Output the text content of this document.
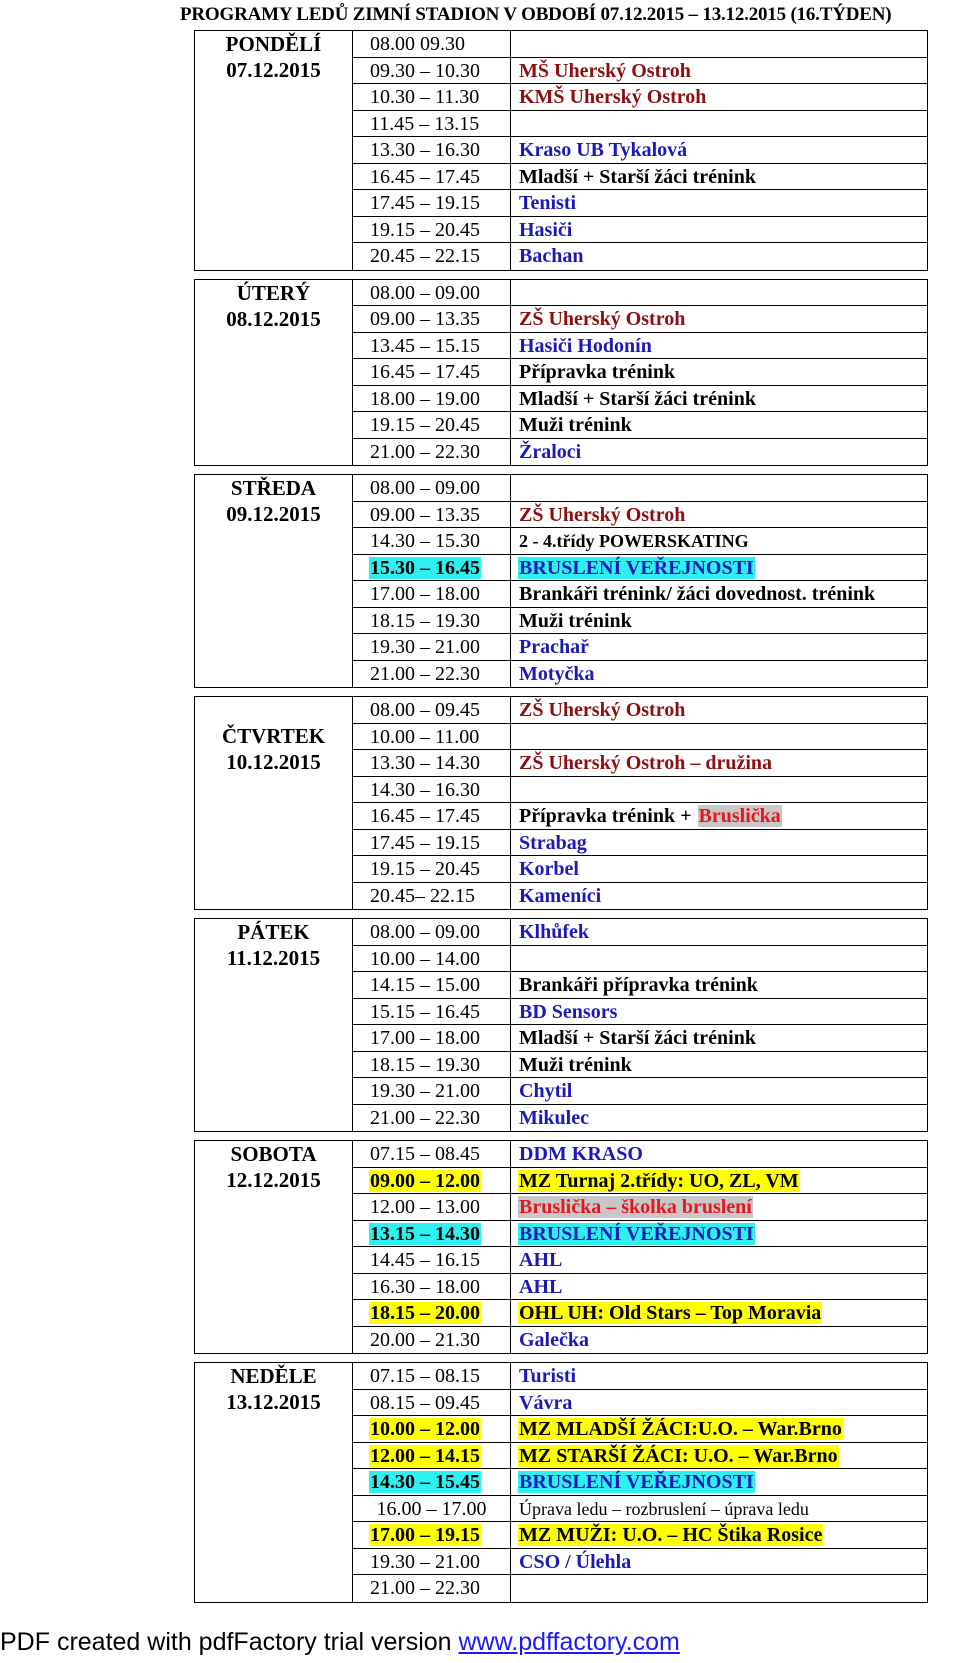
PROGRAMY LEDŮ ZIMNÍ STADION V OBDOBÍ 07.12.2015 – 13.12.2015 (16.TÝDEN)
PONDĚLÍ
07.12.2015
08.00 09.30
09.30 – 10.30	MŠ Uherský Ostroh
10.30 – 11.30	KMŠ Uherský Ostroh
11.45 – 13.15
13.30 – 16.30	Kraso UB Tykalová
16.45 – 17.45	Mladší + Starší žáci trénink
17.45 – 19.15	Tenisti
19.15 – 20.45	Hasiči
20.45 – 22.15	Bachan
ÚTERÝ
08.12.2015
08.00 – 09.00
09.00 – 13.35	ZŠ Uherský Ostroh
13.45 – 15.15	Hasiči Hodonín
16.45 – 17.45	Přípravka trénink
18.00 – 19.00	Mladší + Starší žáci trénink
19.15 – 20.45	Muži trénink
21.00 – 22.30	Žraloci
STŘEDA
09.12.2015
08.00 – 09.00
09.00 – 13.35	ZŠ Uherský Ostroh
14.30 – 15.30	2 - 4.třídy POWERSKATING
15.30 – 16.45	BRUSLENÍ VEŘEJNOSTI
17.00 – 18.00	Brankáři trénink/ žáci dovednost. trénink
18.15 – 19.30	Muži trénink
19.30 – 21.00	Prachař
21.00 – 22.30	Motyčka
ČTVRTEK
10.12.2015
08.00 – 09.45	ZŠ Uherský Ostroh
10.00 – 11.00
13.30 – 14.30	ZŠ Uherský Ostroh – družina
14.30 – 16.30
16.45 – 17.45	Přípravka trénink + Bruslička
17.45 – 19.15	Strabag
19.15 – 20.45	Korbel
20.45– 22.15	Kameníci
PÁTEK
11.12.2015
08.00 – 09.00	Klhůfek
10.00 – 14.00
14.15 – 15.00	Brankáři přípravka trénink
15.15 – 16.45	BD Sensors
17.00 – 18.00	Mladší + Starší žáci trénink
18.15 – 19.30	Muži trénink
19.30 – 21.00	Chytil
21.00 – 22.30	Mikulec
SOBOTA
12.12.2015
07.15 – 08.45	DDM KRASO
09.00 – 12.00	MZ Turnaj 2.třídy: UO, ZL, VM
12.00 – 13.00	Bruslička – školka bruslení
13.15 – 14.30	BRUSLENÍ VEŘEJNOSTI
14.45 – 16.15	AHL
16.30 – 18.00	AHL
18.15 – 20.00	OHL UH: Old Stars – Top Moravia
20.00 – 21.30	Galečka
NEDĚLE
13.12.2015
07.15 – 08.15	Turisti
08.15 – 09.45	Vávra
10.00 – 12.00	MZ MLADŠÍ ŽÁCI:U.O. – War.Brno
12.00 – 14.15	MZ STARŠÍ ŽÁCI: U.O. – War.Brno
14.30 – 15.45	BRUSLENÍ VEŘEJNOSTI
16.00 – 17.00	Úprava ledu – rozbruslení – úprava ledu
17.00 – 19.15	MZ MUŽI: U.O. – HC Štika Rosice
19.30 – 21.00	CSO / Úlehla
21.00 – 22.30
PDF created with pdfFactory trial version www.pdffactory.com
